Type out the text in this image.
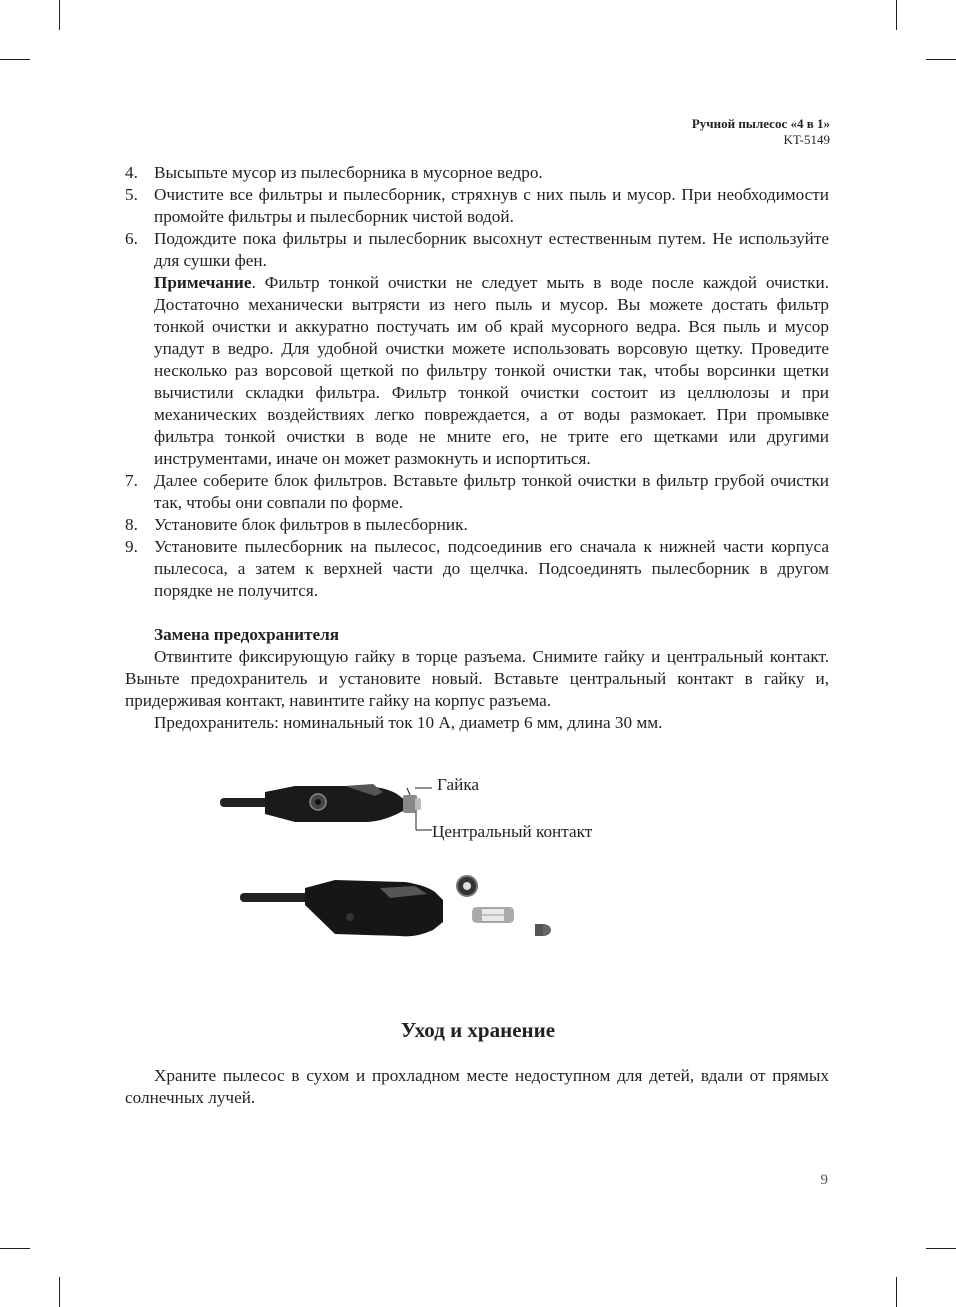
Ручной пылесос «4 в 1»
KT-5149
4. Высыпьте мусор из пылесборника в мусорное ведро.
5. Очистите все фильтры и пылесборник, стряхнув с них пыль и мусор. При необходимости промойте фильтры и пылесборник чистой водой.
6. Подождите пока фильтры и пылесборник высохнут естественным путем. Не используйте для сушки фен.

Примечание. Фильтр тонкой очистки не следует мыть в воде после каждой очистки. Достаточно механически вытрясти из него пыль и мусор. Вы можете достать фильтр тонкой очистки и аккуратно постучать им об край мусорного ведра. Вся пыль и мусор упадут в ведро. Для удобной очистки можете использовать ворсовую щетку. Проведите несколько раз ворсовой щеткой по фильтру тонкой очистки так, чтобы ворсинки щетки вычистили складки фильтра. Фильтр тонкой очистки состоит из целлюлозы и при механических воздействиях легко повреждается, а от воды размокает. При промывке фильтра тонкой очистки в воде не мните его, не трите его щетками или другими инструментами, иначе он может размокнуть и испортиться.

7. Далее соберите блок фильтров. Вставьте фильтр тонкой очистки в фильтр грубой очистки так, чтобы они совпали по форме.
8. Установите блок фильтров в пылесборник.
9. Установите пылесборник на пылесос, подсоединив его сначала к нижней части корпуса пылесоса, а затем к верхней части до щелчка. Подсоединять пылесборник в другом порядке не получится.

Замена предохранителя

Отвинтите фиксирующую гайку в торце разъема. Снимите гайку и центральный контакт. Выньте предохранитель и установите новый. Вставьте центральный контакт в гайку и, придерживая контакт, навинтите гайку на корпус разъема.

Предохранитель: номинальный ток 10 А, диаметр 6 мм, длина 30 мм.

Гайка
Центральный контакт
Уход и хранение

Храните пылесос в сухом и прохладном месте недоступном для детей, вдали от прямых солнечных лучей.

9
